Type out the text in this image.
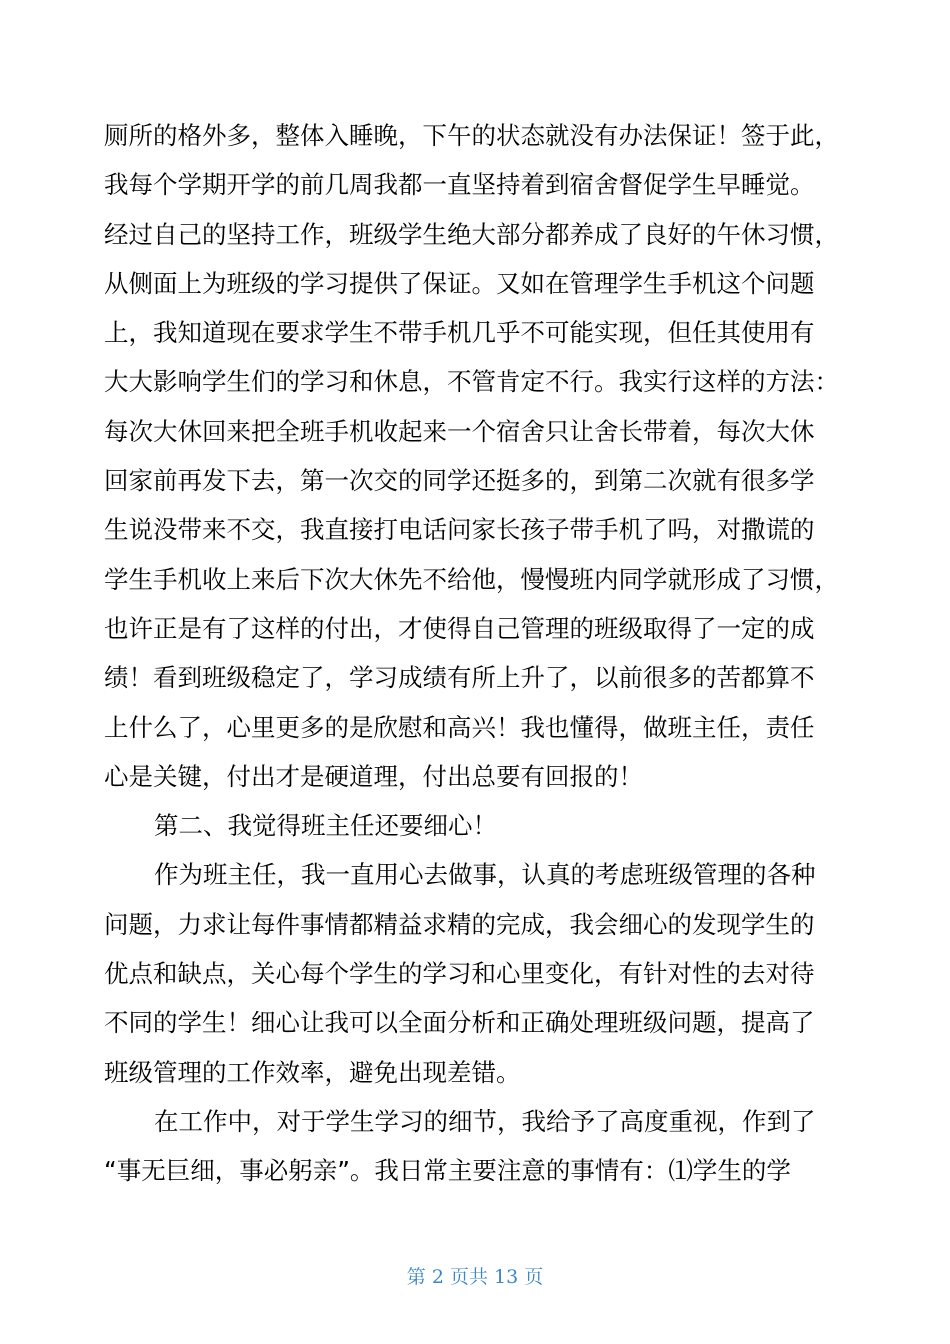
厕所的格外多，整体入睡晚，下午的状态就没有办法保证！签于此，
我每个学期开学的前几周我都一直坚持着到宿舍督促学生早睡觉。
经过自己的坚持工作，班级学生绝大部分都养成了良好的午休习惯，
从侧面上为班级的学习提供了保证。又如在管理学生手机这个问题
上，我知道现在要求学生不带手机几乎不可能实现，但任其使用有
大大影响学生们的学习和休息，不管肯定不行。我实行这样的方法：
每次大休回来把全班手机收起来一个宿舍只让舍长带着，每次大休
回家前再发下去，第一次交的同学还挺多的，到第二次就有很多学
生说没带来不交，我直接打电话问家长孩子带手机了吗，对撒谎的
学生手机收上来后下次大休先不给他，慢慢班内同学就形成了习惯，
也许正是有了这样的付出，才使得自己管理的班级取得了一定的成
绩！看到班级稳定了，学习成绩有所上升了，以前很多的苦都算不
上什么了，心里更多的是欣慰和高兴！我也懂得，做班主任，责任
心是关键，付出才是硬道理，付出总要有回报的！
第二、我觉得班主任还要细心！
作为班主任，我一直用心去做事，认真的考虑班级管理的各种
问题，力求让每件事情都精益求精的完成，我会细心的发现学生的
优点和缺点，关心每个学生的学习和心里变化，有针对性的去对待
不同的学生！细心让我可以全面分析和正确处理班级问题，提高了
班级管理的工作效率，避免出现差错。
在工作中，对于学生学习的细节，我给予了高度重视，作到了
“事无巨细，事必躬亲”。我日常主要注意的事情有：⑴学生的学
第 2 页共 13 页
